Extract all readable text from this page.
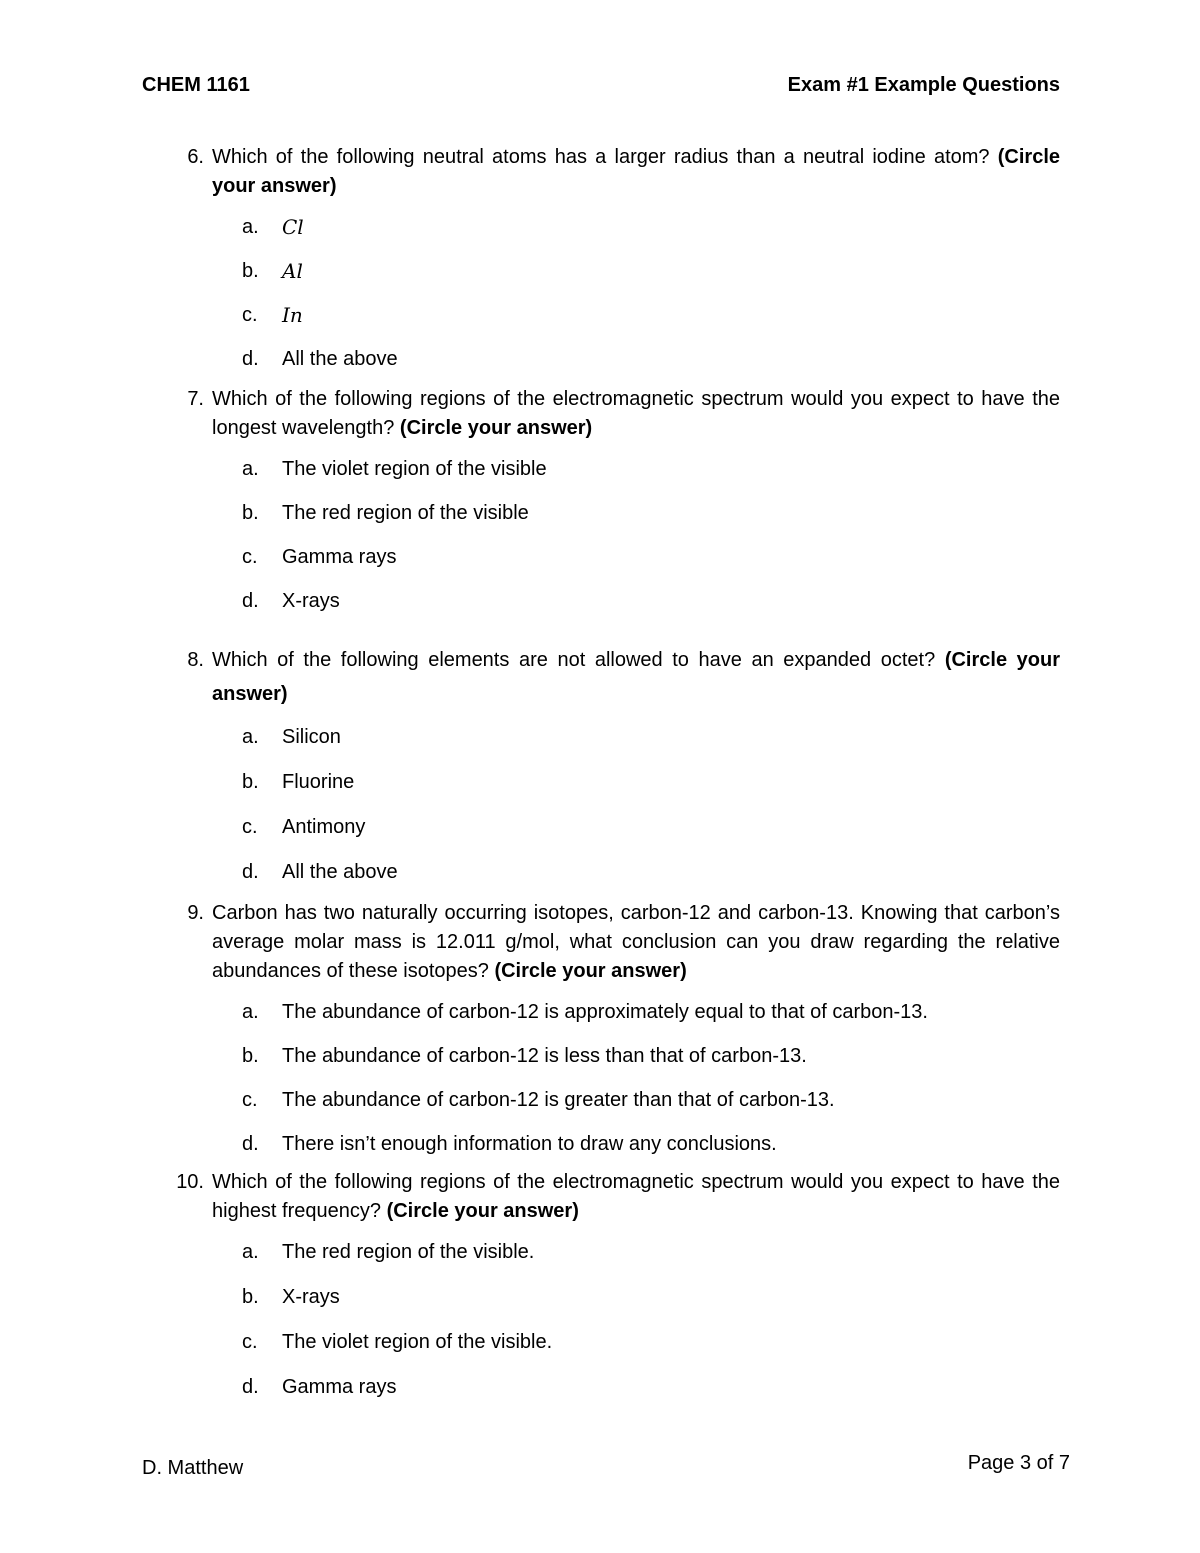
CHEM 1161	Exam #1 Example Questions
6. Which of the following neutral atoms has a larger radius than a neutral iodine atom? (Circle your answer)
a.	Cl
b.	Al
c.	In
d.	All the above
7. Which of the following regions of the electromagnetic spectrum would you expect to have the longest wavelength? (Circle your answer)
a.	The violet region of the visible
b.	The red region of the visible
c.	Gamma rays
d.	X-rays
8. Which of the following elements are not allowed to have an expanded octet? (Circle your answer)
a.	Silicon
b.	Fluorine
c.	Antimony
d.	All the above
9. Carbon has two naturally occurring isotopes, carbon-12 and carbon-13. Knowing that carbon’s average molar mass is 12.011 g/mol, what conclusion can you draw regarding the relative abundances of these isotopes? (Circle your answer)
a.	The abundance of carbon-12 is approximately equal to that of carbon-13.
b.	The abundance of carbon-12 is less than that of carbon-13.
c.	The abundance of carbon-12 is greater than that of carbon-13.
d.	There isn’t enough information to draw any conclusions.
10. Which of the following regions of the electromagnetic spectrum would you expect to have the highest frequency? (Circle your answer)
a.	The red region of the visible.
b.	X-rays
c.	The violet region of the visible.
d.	Gamma rays
D. Matthew	Page 3 of 7
